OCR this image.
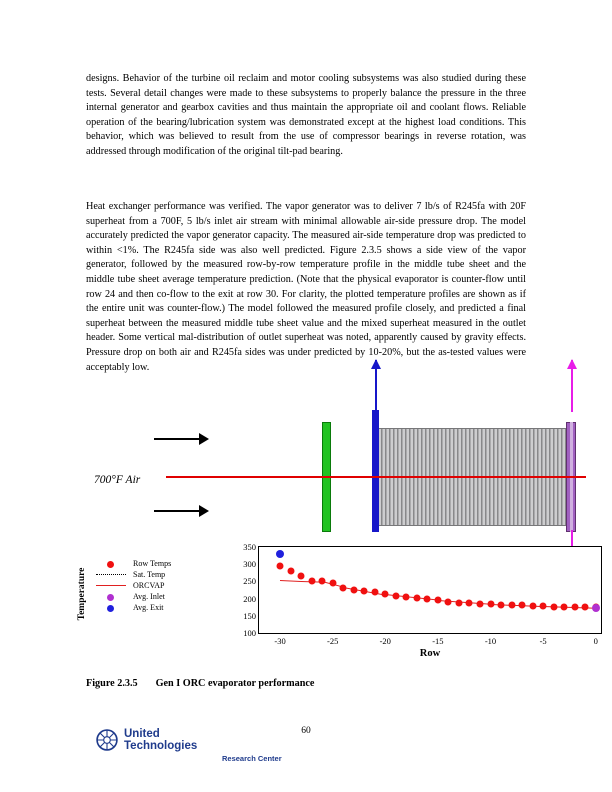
designs. Behavior of the turbine oil reclaim and motor cooling subsystems was also studied during these tests. Several detail changes were made to these subsystems to properly balance the pressure in the three internal generator and gearbox cavities and thus maintain the appropriate oil and coolant flows. Reliable operation of the bearing/lubrication system was demonstrated except at the highest load conditions. This behavior, which was believed to result from the use of compressor bearings in reverse rotation, was addressed through modification of the original tilt-pad bearing.
Heat exchanger performance was verified. The vapor generator was to deliver 7 lb/s of R245fa with 20F superheat from a 700F, 5 lb/s inlet air stream with minimal allowable air-side pressure drop. The model accurately predicted the vapor generator capacity. The measured air-side temperature drop was predicted to within <1%. The R245fa side was also well predicted. Figure 2.3.5 shows a side view of the vapor generator, followed by the measured row-by-row temperature profile in the middle tube sheet and the middle tube sheet average temperature prediction. (Note that the physical evaporator is counter-flow until row 24 and then co-flow to the exit at row 30. For clarity, the plotted temperature profiles are shown as if the entire unit was counter-flow.) The model followed the measured profile closely, and predicted a final superheat between the measured middle tube sheet value and the mixed superheat measured in the outlet header. Some vertical mal-distribution of outlet superheat was noted, apparently caused by gravity effects. Pressure drop on both air and R245fa sides was under predicted by 10-20%, but the as-tested values were acceptably low.
700°F Air
Row Temps
Sat. Temp
ORCVAP
Avg. Inlet
Avg. Exit
Temperature
100
150
200
250
300
350
-30	-25	-20	-15	-10	-5	0
Row
Figure 2.3.5 Gen I ORC evaporator performance
60
United
Technologies
Research Center
